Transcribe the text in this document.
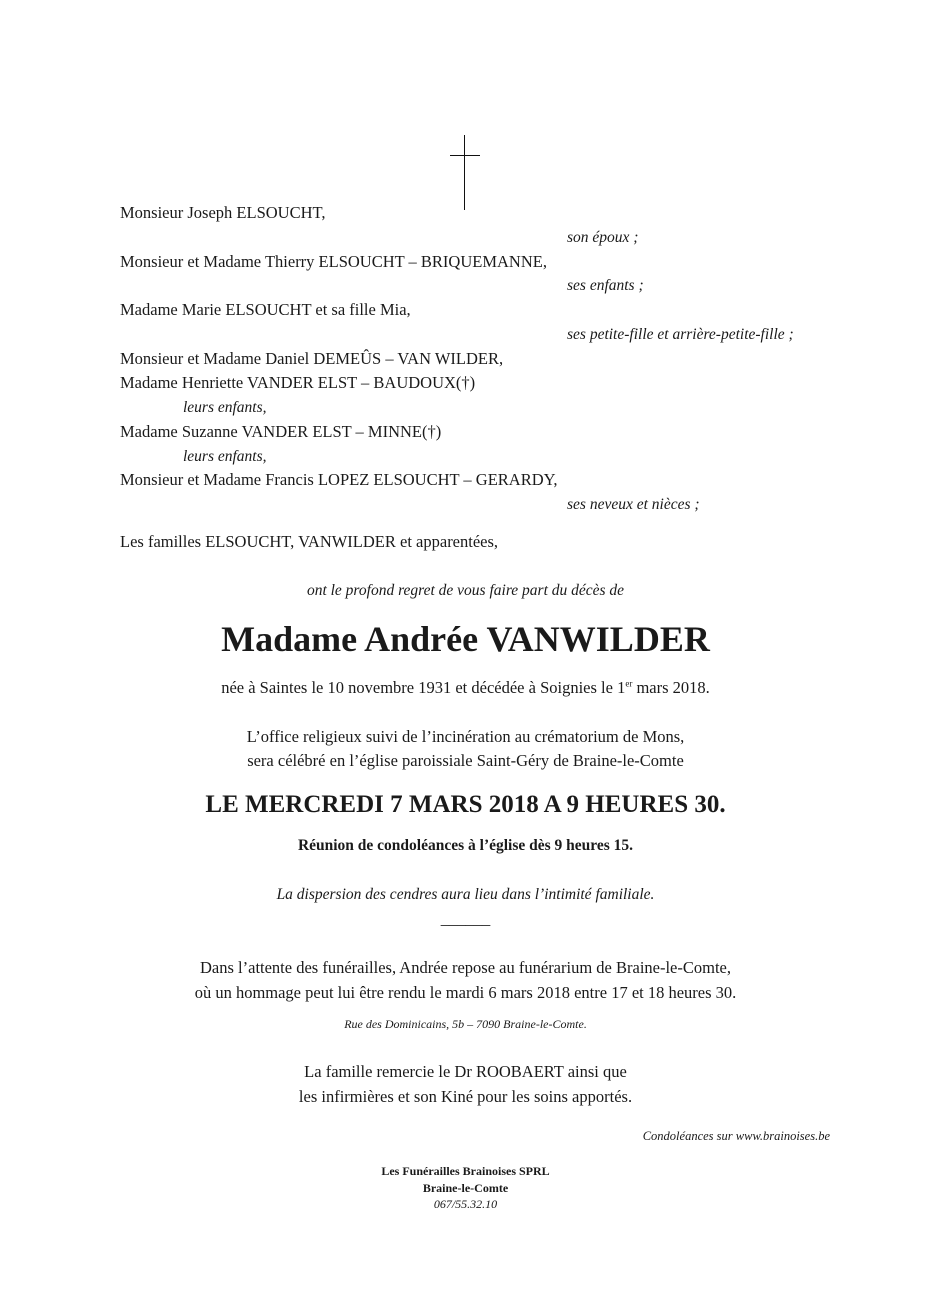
Monsieur Joseph ELSOUCHT,
son époux ;
Monsieur et Madame Thierry ELSOUCHT – BRIQUEMANNE,
ses enfants ;
Madame Marie ELSOUCHT et sa fille Mia,
ses petite-fille et arrière-petite-fille ;
Monsieur et Madame Daniel DEMEÛS – VAN WILDER,
Madame Henriette VANDER ELST – BAUDOUX(†)
leurs enfants,
Madame Suzanne VANDER ELST – MINNE(†)
leurs enfants,
Monsieur et Madame Francis LOPEZ ELSOUCHT – GERARDY,
ses neveux et nièces ;
Les familles ELSOUCHT, VANWILDER et apparentées,
ont le profond regret de vous faire part du décès de
Madame Andrée VANWILDER
née à Saintes le 10 novembre 1931 et décédée à Soignies le 1er mars 2018.
L’office religieux suivi de l’incinération au crématorium de Mons,
sera célébré en l’église paroissiale Saint-Géry de Braine-le-Comte
LE MERCREDI 7 MARS 2018 A 9 HEURES 30.
Réunion de condoléances à l’église dès 9 heures 15.
La dispersion des cendres aura lieu dans l’intimité familiale.
______
Dans l’attente des funérailles, Andrée repose au funérarium de Braine-le-Comte,
où un hommage peut lui être rendu le mardi 6 mars 2018 entre 17 et 18 heures 30.
Rue des Dominicains, 5b – 7090 Braine-le-Comte.
La famille remercie le Dr ROOBAERT ainsi que
les infirmières et son Kiné pour les soins apportés.
Condoléances sur www.brainoises.be
Les Funérailles Brainoises SPRL
Braine-le-Comte
067/55.32.10
